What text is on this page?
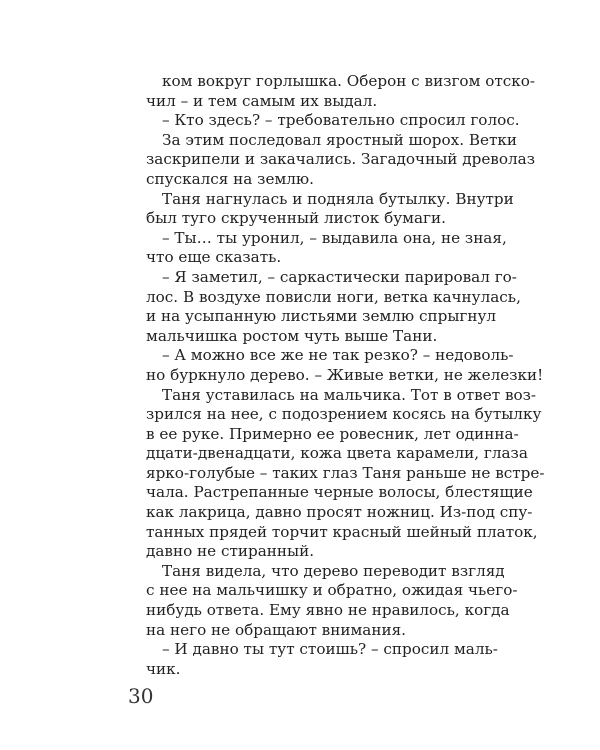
ком вокруг горлышка. Оберон с визгом отско-
чил – и тем самым их выдал.
– Кто здесь? – требовательно спросил голос.
За этим последовал яростный шорох. Ветки
заскрипели и закачались. Загадочный древолаз
спускался на землю.
Таня нагнулась и подняла бутылку. Внутри
был туго скрученный листок бумаги.
– Ты… ты уронил, – выдавила она, не зная,
что еще сказать.
– Я заметил, – саркастически парировал го-
лос. В воздухе повисли ноги, ветка качнулась,
и на усыпанную листьями землю спрыгнул
мальчишка ростом чуть выше Тани.
– А можно все же не так резко? – недоволь-
но буркнуло дерево. – Живые ветки, не железки!
Таня уставилась на мальчика. Тот в ответ воз-
зрился на нее, с подозрением косясь на бутылку
в ее руке. Примерно ее ровесник, лет одинна-
дцати-двенадцати, кожа цвета карамели, глаза
ярко-голубые – таких глаз Таня раньше не встре-
чала. Растрепанные черные волосы, блестящие
как лакрица, давно просят ножниц. Из-под спу-
танных прядей торчит красный шейный платок,
давно не стиранный.
Таня видела, что дерево переводит взгляд
с нее на мальчишку и обратно, ожидая чьего-
нибудь ответа. Ему явно не нравилось, когда
на него не обращают внимания.
– И давно ты тут стоишь? – спросил маль-
чик.
30
